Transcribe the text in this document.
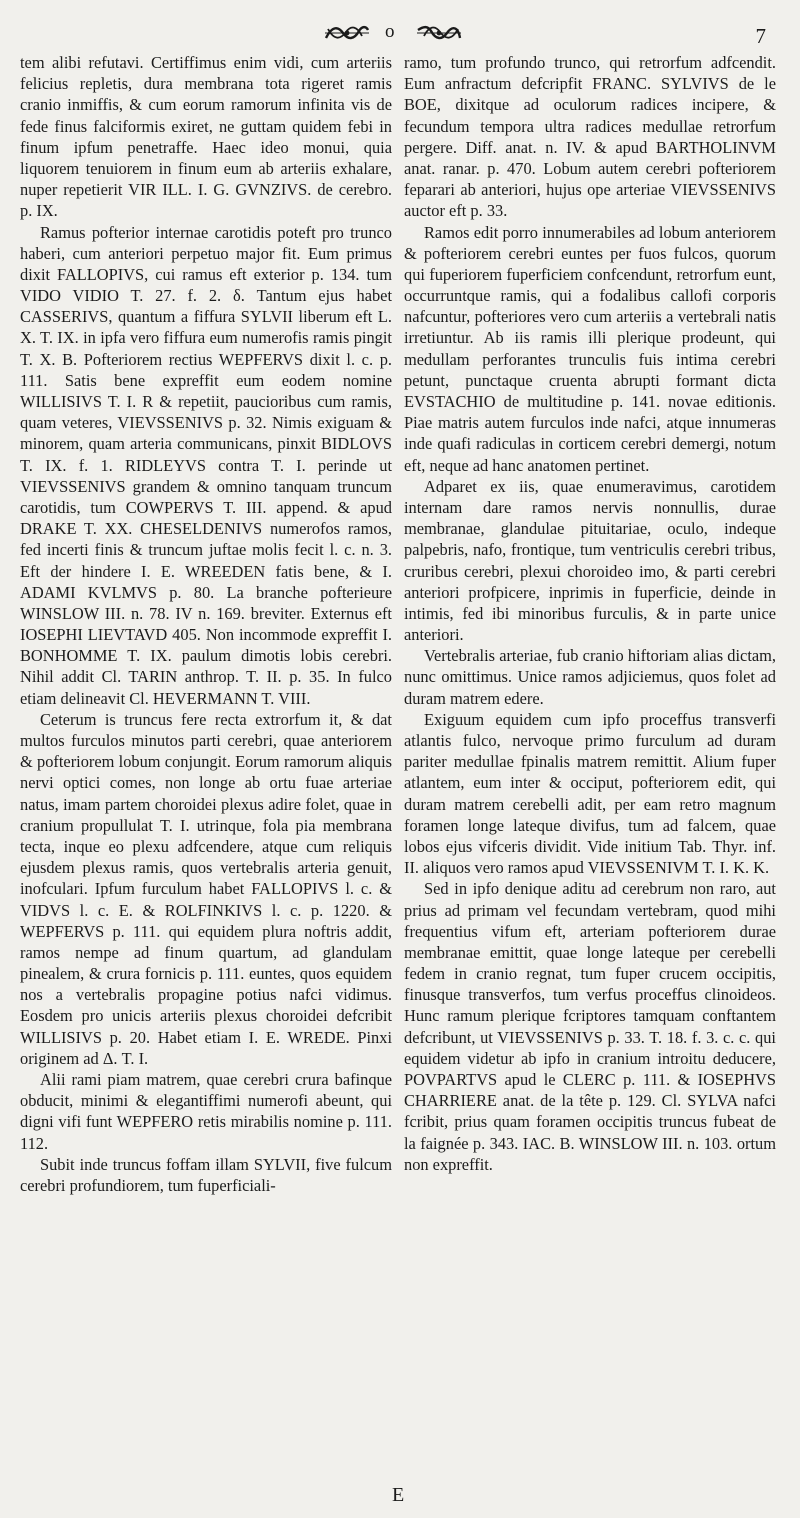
o	7

tem alibi refutavi. Certiffimus enim vidi, cum arteriis felicius repletis, dura membrana tota rigeret ramis cranio inmiffis, & cum eorum ramorum infinita vis de fede finus falciformis exiret, ne guttam quidem febi in finum ipfum penetraffe. Haec ideo monui, quia liquorem tenuiorem in finum eum ab arteriis exhalare, nuper repetierit VIR ILL. I. G. GVNZIVS. de cerebro. p. IX.

Ramus pofterior internae carotidis poteft pro trunco haberi, cum anteriori perpetuo major fit. Eum primus dixit FALLOPIVS, cui ramus eft exterior p. 134. tum VIDO VIDIO T. 27. f. 2. δ. Tantum ejus habet CASSERIVS, quantum a fiffura SYLVII liberum eft L. X. T. IX. in ipfa vero fiffura eum numerofis ramis pingit T. X. B. Pofteriorem rectius WEPFERVS dixit l. c. p. 111. Satis bene expreffit eum eodem nomine WILLISIVS T. I. R & repetiit, paucioribus cum ramis, quam veteres, VIEVSSENIVS p. 32. Nimis exiguam & minorem, quam arteria communicans, pinxit BIDLOVS T. IX. f. 1. RIDLEYVS contra T. I. perinde ut VIEVSSENIVS grandem & omnino tanquam truncum carotidis, tum COWPERVS T. III. append. & apud DRAKE T. XX. CHESELDENIVS numerofos ramos, fed incerti finis & truncum juftae molis fecit l. c. n. 3. Eft der hindere I. E. WREEDEN fatis bene, & I. ADAMI KVLMVS p. 80. La branche pofterieure WINSLOW III. n. 78. IV n. 169. breviter. Externus eft IOSEPHI LIEVTAVD 405. Non incommode expreffit I. BONHOMME T. IX. paulum dimotis lobis cerebri. Nihil addit Cl. TARIN anthrop. T. II. p. 35. In fulco etiam delineavit Cl. HEVERMANN T. VIII.

Ceterum is truncus fere recta extrorfum it, & dat multos furculos minutos parti cerebri, quae anteriorem & pofteriorem lobum conjungit. Eorum ramorum aliquis nervi optici comes, non longe ab ortu fuae arteriae natus, imam partem choroidei plexus adire folet, quae in cranium propullulat T. I. utrinque, fola pia membrana tecta, inque eo plexu adfcendere, atque cum reliquis ejusdem plexus ramis, quos vertebralis arteria genuit, inofculari. Ipfum furculum habet FALLOPIVS l. c. & VIDVS l. c. E. & ROLFINKIVS l. c. p. 1220. & WEPFERVS p. 111. qui equidem plura noftris addit, ramos nempe ad finum quartum, ad glandulam pinealem, & crura fornicis p. 111. euntes, quos equidem nos a vertebralis propagine potius nafci vidimus. Eosdem pro unicis arteriis plexus choroidei defcribit WILLISIVS p. 20. Habet etiam I. E. WREDE. Pinxi originem ad Δ. T. I.

Alii rami piam matrem, quae cerebri crura bafinque obducit, minimi & elegantiffimi numerofi abeunt, qui digni vifi funt WEPFERO retis mirabilis nomine p. 111. 112.

Subit inde truncus foffam illam SYLVII, five fulcum cerebri profundiorem, tum fuperficiali-

ramo, tum profundo trunco, qui retrorfum adfcendit. Eum anfractum defcripfit FRANC. SYLVIVS de le BOE, dixitque ad oculorum radices incipere, & fecundum tempora ultra radices medullae retrorfum pergere. Diff. anat. n. IV. & apud BARTHOLINVM anat. ranar. p. 470. Lobum autem cerebri pofteriorem feparari ab anteriori, hujus ope arteriae VIEVSSENIVS auctor eft p. 33.

Ramos edit porro innumerabiles ad lobum anteriorem & pofteriorem cerebri euntes per fuos fulcos, quorum qui fuperiorem fuperficiem confcendunt, retrorfum eunt, occurruntque ramis, qui a fodalibus callofi corporis nafcuntur, pofteriores vero cum arteriis a vertebrali natis irretiuntur. Ab iis ramis illi plerique prodeunt, qui medullam perforantes trunculis fuis intima cerebri petunt, punctaque cruenta abrupti formant dicta EVSTACHIO de multitudine p. 141. novae editionis. Piae matris autem furculos inde nafci, atque innumeras inde quafi radiculas in corticem cerebri demergi, notum eft, neque ad hanc anatomen pertinet.

Adparet ex iis, quae enumeravimus, carotidem internam dare ramos nervis nonnullis, durae membranae, glandulae pituitariae, oculo, indeque palpebris, nafo, frontique, tum ventriculis cerebri tribus, cruribus cerebri, plexui choroideo imo, & parti cerebri anteriori profpicere, inprimis in fuperficie, deinde in intimis, fed ibi minoribus furculis, & in parte unice anteriori.

Vertebralis arteriae, fub cranio hiftoriam alias dictam, nunc omittimus. Unice ramos adjiciemus, quos folet ad duram matrem edere.

Exiguum equidem cum ipfo proceffus transverfi atlantis fulco, nervoque primo furculum ad duram pariter medullae fpinalis matrem remittit. Alium fuper atlantem, eum inter & occiput, pofteriorem edit, qui duram matrem cerebelli adit, per eam retro magnum foramen longe lateque divifus, tum ad falcem, quae lobos ejus vifceris dividit. Vide initium Tab. Thyr. inf. II. aliquos vero ramos apud VIEVSSENIVM T. I. K. K.

Sed in ipfo denique aditu ad cerebrum non raro, aut prius ad primam vel fecundam vertebram, quod mihi frequentius vifum eft, arteriam pofteriorem durae membranae emittit, quae longe lateque per cerebelli fedem in cranio regnat, tum fuper crucem occipitis, finusque transverfos, tum verfus proceffus clinoideos. Hunc ramum plerique fcriptores tamquam conftantem defcribunt, ut VIEVSSENIVS p. 33. T. 18. f. 3. c. c. qui equidem videtur ab ipfo in cranium introitu deducere, POVPARTVS apud le CLERC p. 111. & IOSEPHVS CHARRIERE anat. de la tête p. 129. Cl. SYLVA nafci fcribit, prius quam foramen occipitis truncus fubeat de la faignée p. 343. IAC. B. WINSLOW III. n. 103. ortum non expreffit.

E
